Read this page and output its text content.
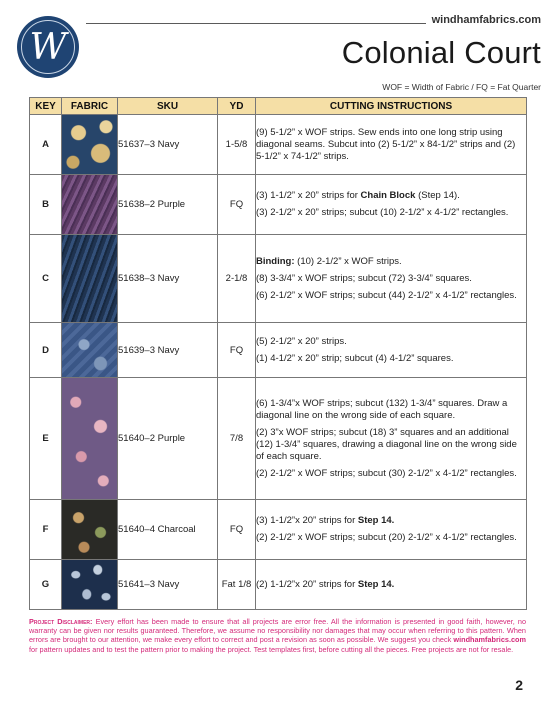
W
windhamfabrics.com
Colonial Court
WOF = Width of Fabric / FQ = Fat Quarter
KEY	FABRIC	SKU	YD	CUTTING INSTRUCTIONS
A		51637–3 Navy	1-5/8	(9) 5-1/2” x WOF strips. Sew ends into one long strip using diagonal seams. Subcut into (2) 5-1/2” x 84-1/2” strips and (2) 5-1/2” x 74-1/2” strips.

B		51638–2 Purple	FQ	(3) 1-1/2” x 20” strips for Chain Block (Step 14).

(3) 2-1/2” x 20” strips; subcut (10) 2-1/2” x 4-1/2” rectangles.

C		51638–3 Navy	2-1/8	Binding: (10) 2-1/2” x WOF strips.

(8) 3-3/4” x WOF strips; subcut (72) 3-3/4” squares.

(6) 2-1/2” x WOF strips; subcut (44) 2-1/2” x 4-1/2” rectangles.

D		51639–3 Navy	FQ	(5) 2-1/2” x 20” strips.

(1) 4-1/2” x 20” strip; subcut (4) 4-1/2” squares.

E		51640–2 Purple	7/8	(6) 1-3/4”x WOF strips; subcut (132) 1-3/4” squares. Draw a diagonal line on the wrong side of each square.

(2) 3”x WOF strips; subcut (18) 3” squares and an additional (12) 1-3/4” squares, drawing a diagonal line on the wrong side of each square.

(2) 2-1/2” x WOF strips; subcut (30) 2-1/2” x 4-1/2” rectangles.

F		51640–4 Charcoal	FQ	(3) 1-1/2”x 20” strips for Step 14.

(2) 2-1/2” x WOF strips; subcut (20) 2-1/2” x 4-1/2” rectangles.

G		51641–3 Navy	Fat 1/8	(2) 1-1/2”x 20” strips for Step 14.

Project Disclaimer: Every effort has been made to ensure that all projects are error free. All the information is presented in good faith, however, no warranty can be given nor results guaranteed. Therefore, we assume no responsibility nor damages that may occur when referring to this pattern. When errors are brought to our attention, we make every effort to correct and post a revision as soon as possible. We suggest you check windhamfabrics.com for pattern updates and to test the pattern prior to making the project. Test templates first, before cutting all the pieces. Free projects are not for resale.
2
